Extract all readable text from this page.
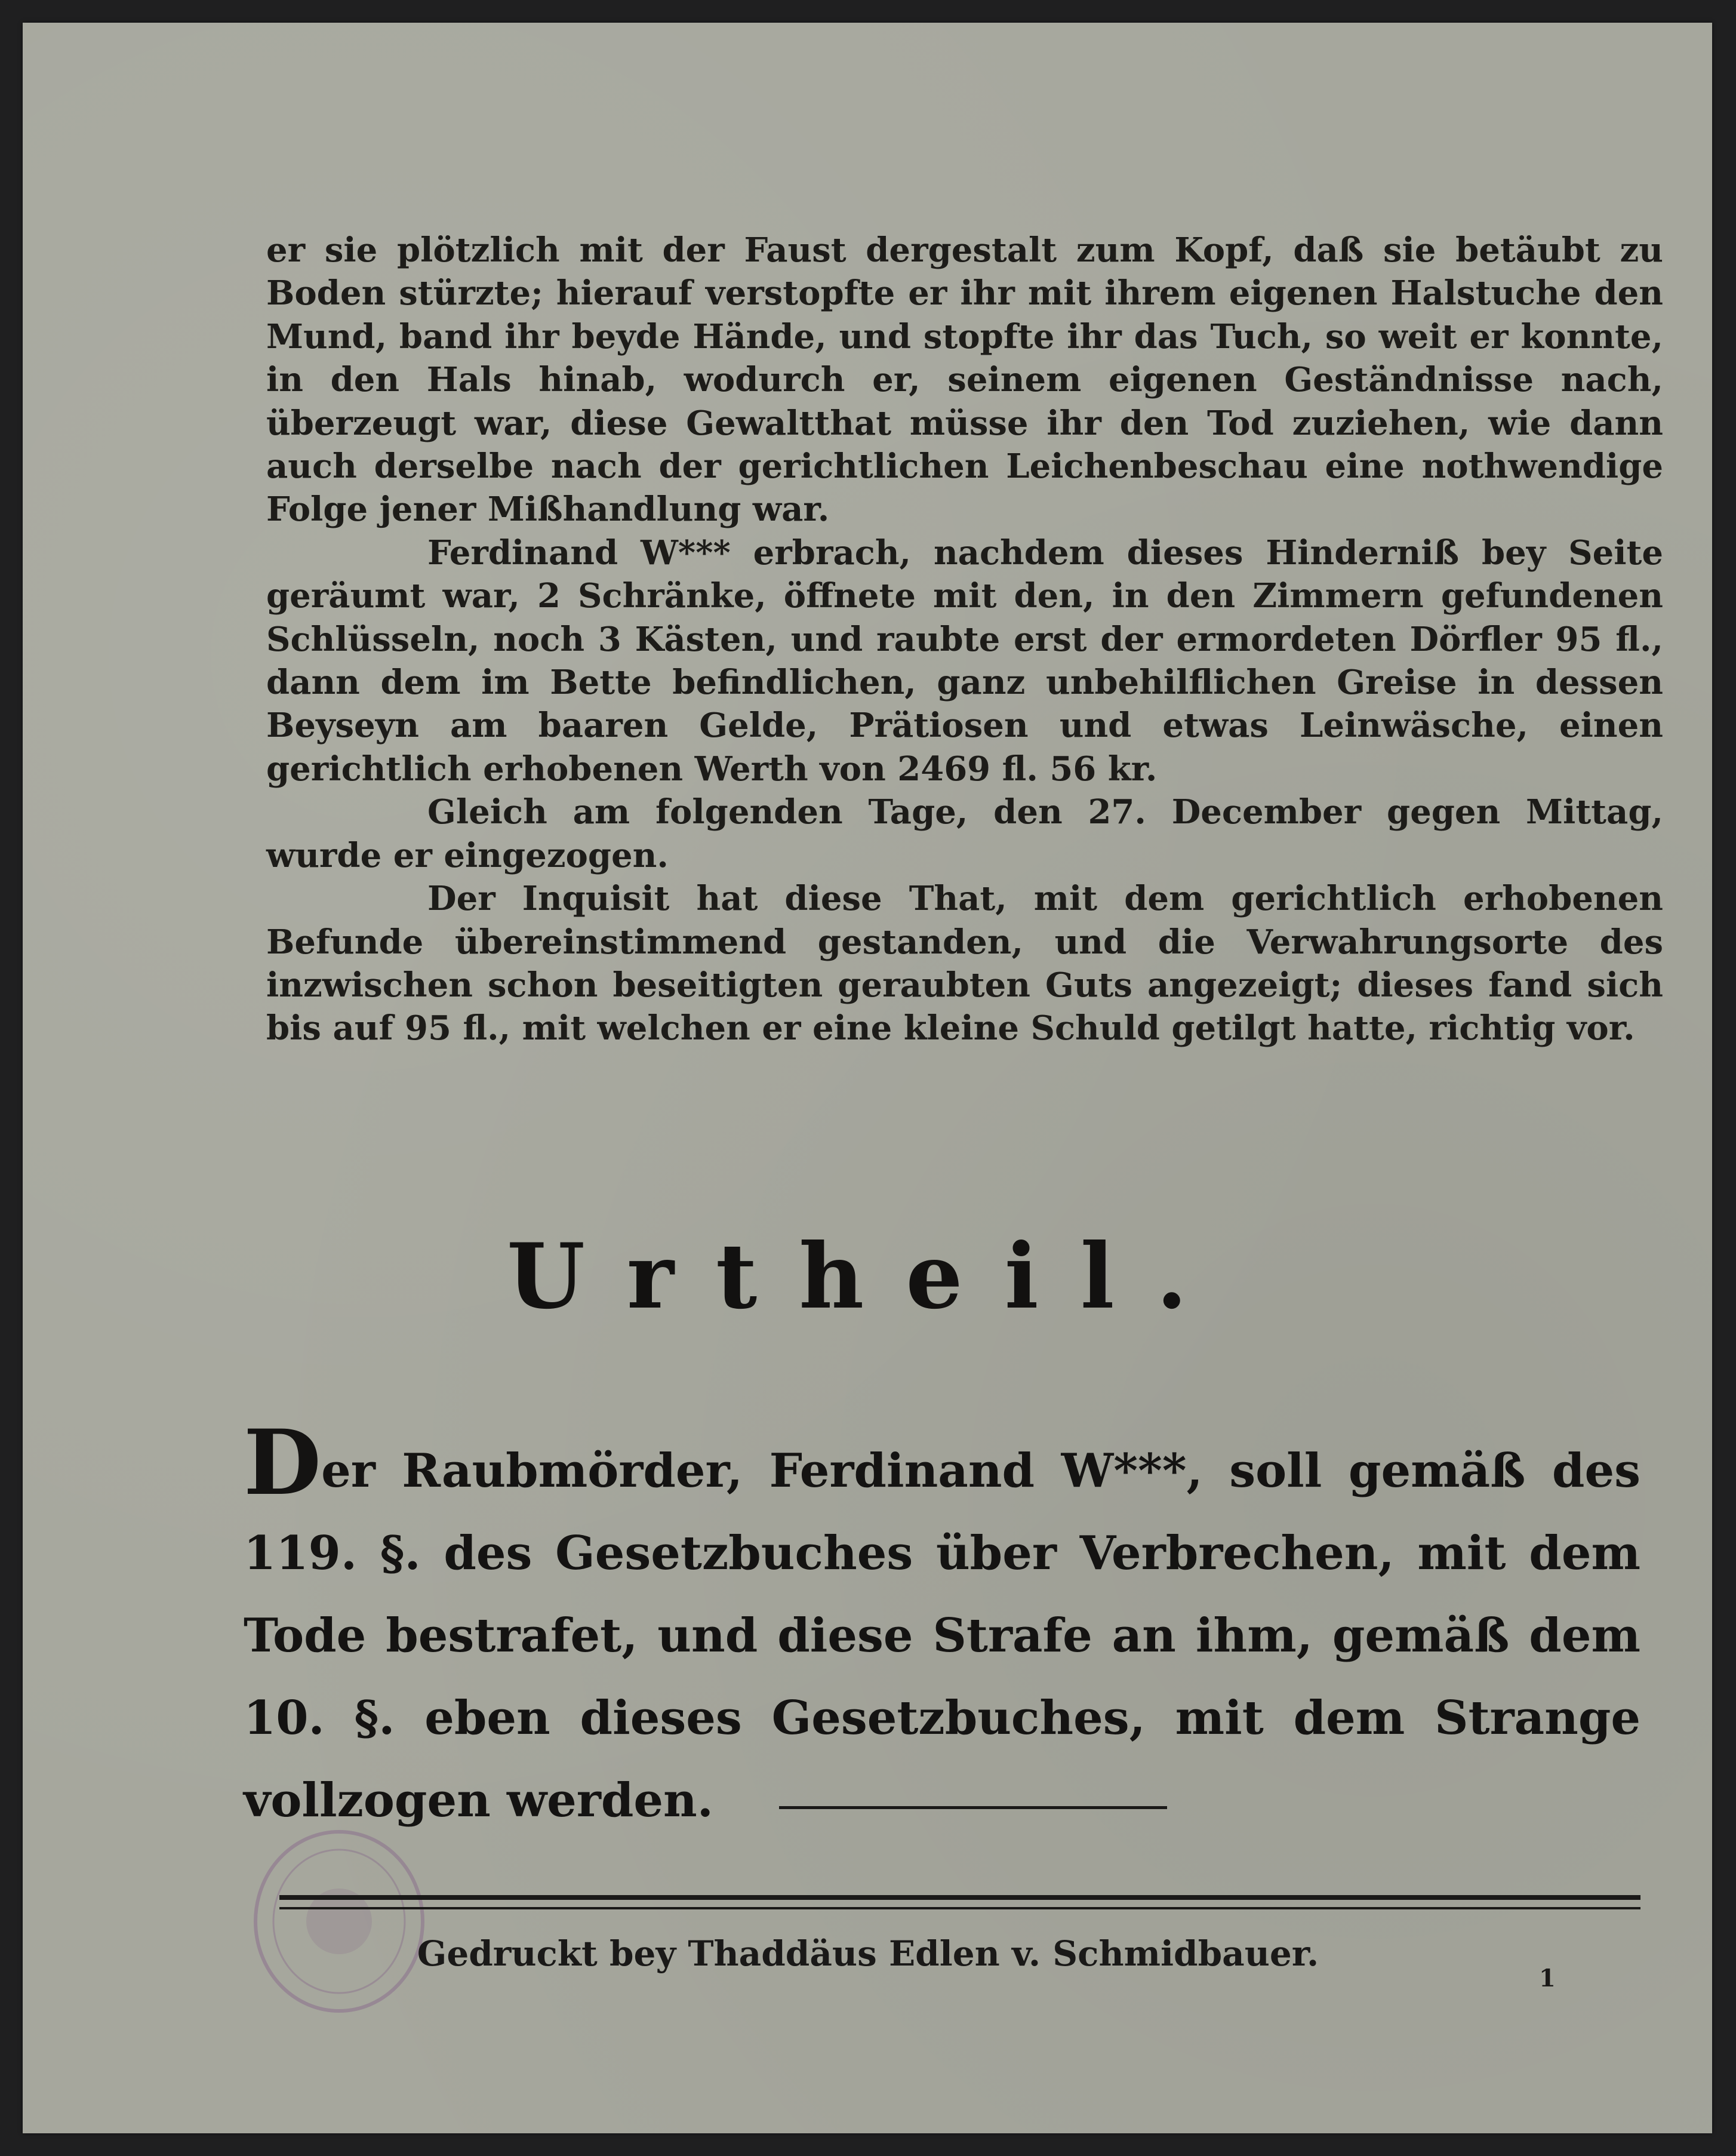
er sie plötzlich mit der Faust dergestalt zum Kopf, daß sie betäubt zu Boden stürzte; hierauf verstopfte er ihr mit ihrem eigenen Halstuche den Mund, band ihr beyde Hände, und stopfte ihr das Tuch, so weit er konnte, in den Hals hinab, wodurch er, seinem eigenen Geständnisse nach, überzeugt war, diese Gewaltthat müsse ihr den Tod zuziehen, wie dann auch derselbe nach der gerichtlichen Leichenbeschau eine nothwendige Folge jener Mißhandlung war.

Ferdinand W*** erbrach, nachdem dieses Hinderniß bey Seite geräumt war, 2 Schränke, öffnete mit den, in den Zimmern gefundenen Schlüsseln, noch 3 Kästen, und raubte erst der ermordeten Dörfler 95 fl., dann dem im Bette befindlichen, ganz unbehilflichen Greise in dessen Beyseyn am baaren Gelde, Prätiosen und etwas Leinwäsche, einen gerichtlich erhobenen Werth von 2469 fl. 56 kr.

Gleich am folgenden Tage, den 27. December gegen Mittag, wurde er eingezogen.

Der Inquisit hat diese That, mit dem gerichtlich erhobenen Befunde übereinstimmend gestanden, und die Verwahrungsorte des inzwischen schon beseitigten geraubten Guts angezeigt; dieses fand sich bis auf 95 fl., mit welchen er eine kleine Schuld getilgt hatte, richtig vor.

Urtheil.

Der Raubmörder, Ferdinand W***, soll gemäß des 119. §. des Gesetzbuches über Verbrechen, mit dem Tode bestrafet, und diese Strafe an ihm, gemäß dem 10. §. eben dieses Gesetzbuches, mit dem Strange vollzogen werden.

Gedruckt bey Thaddäus Edlen v. Schmidbauer.
1
